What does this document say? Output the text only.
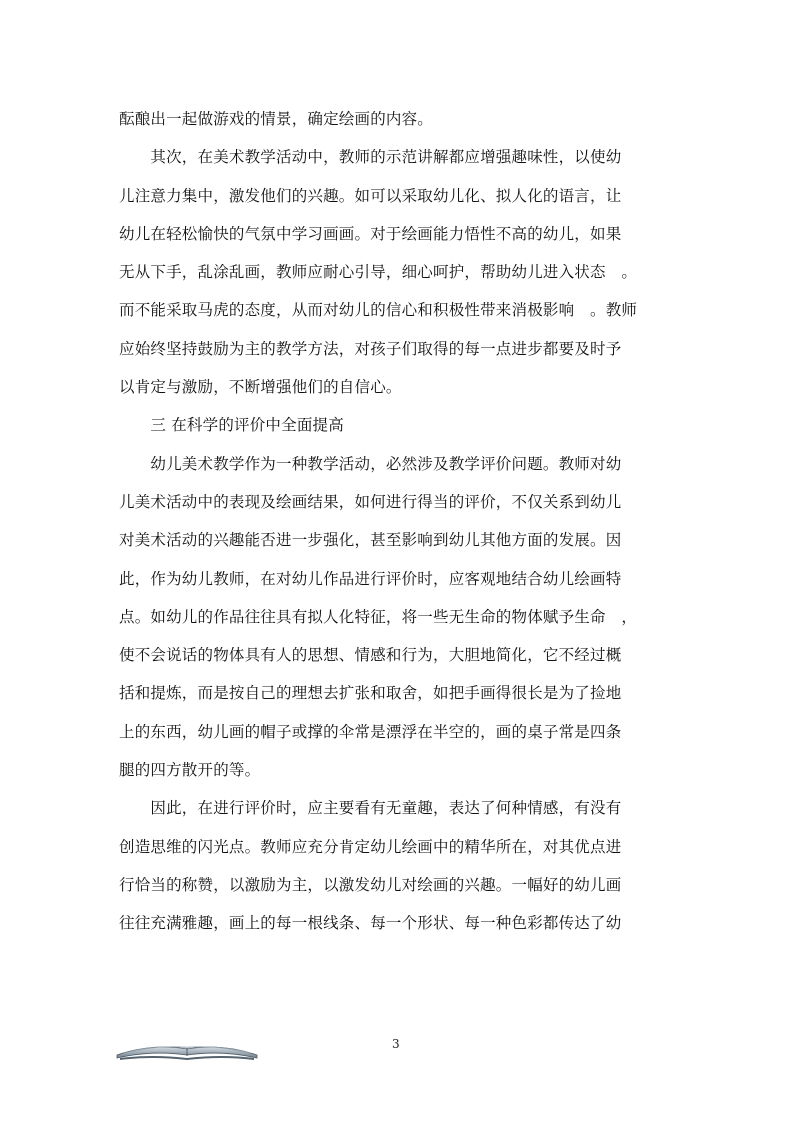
酝酿出一起做游戏的情景，确定绘画的内容。
　　其次，在美术教学活动中，教师的示范讲解都应增强趣味性，以使幼
儿注意力集中，激发他们的兴趣。如可以采取幼儿化、拟人化的语言，让
幼儿在轻松愉快的气氛中学习画画。对于绘画能力悟性不高的幼儿，如果
无从下手，乱涂乱画，教师应耐心引导，细心呵护，帮助幼儿进入状态　。
而不能采取马虎的态度，从而对幼儿的信心和积极性带来消极影响　。教师
应始终坚持鼓励为主的教学方法，对孩子们取得的每一点进步都要及时予
以肯定与激励，不断增强他们的自信心。
　　三 在科学的评价中全面提高
　　幼儿美术教学作为一种教学活动，必然涉及教学评价问题。教师对幼
儿美术活动中的表现及绘画结果，如何进行得当的评价，不仅关系到幼儿
对美术活动的兴趣能否进一步强化，甚至影响到幼儿其他方面的发展。因
此，作为幼儿教师，在对幼儿作品进行评价时，应客观地结合幼儿绘画特
点。如幼儿的作品往往具有拟人化特征，将一些无生命的物体赋予生命　，
使不会说话的物体具有人的思想、情感和行为，大胆地简化，它不经过概
括和提炼，而是按自己的理想去扩张和取舍，如把手画得很长是为了捡地
上的东西，幼儿画的帽子或撑的伞常是漂浮在半空的，画的桌子常是四条
腿的四方散开的等。
　　因此，在进行评价时，应主要看有无童趣，表达了何种情感，有没有
创造思维的闪光点。教师应充分肯定幼儿绘画中的精华所在，对其优点进
行恰当的称赞，以激励为主，以激发幼儿对绘画的兴趣。一幅好的幼儿画
往往充满雅趣，画上的每一根线条、每一个形状、每一种色彩都传达了幼
3
